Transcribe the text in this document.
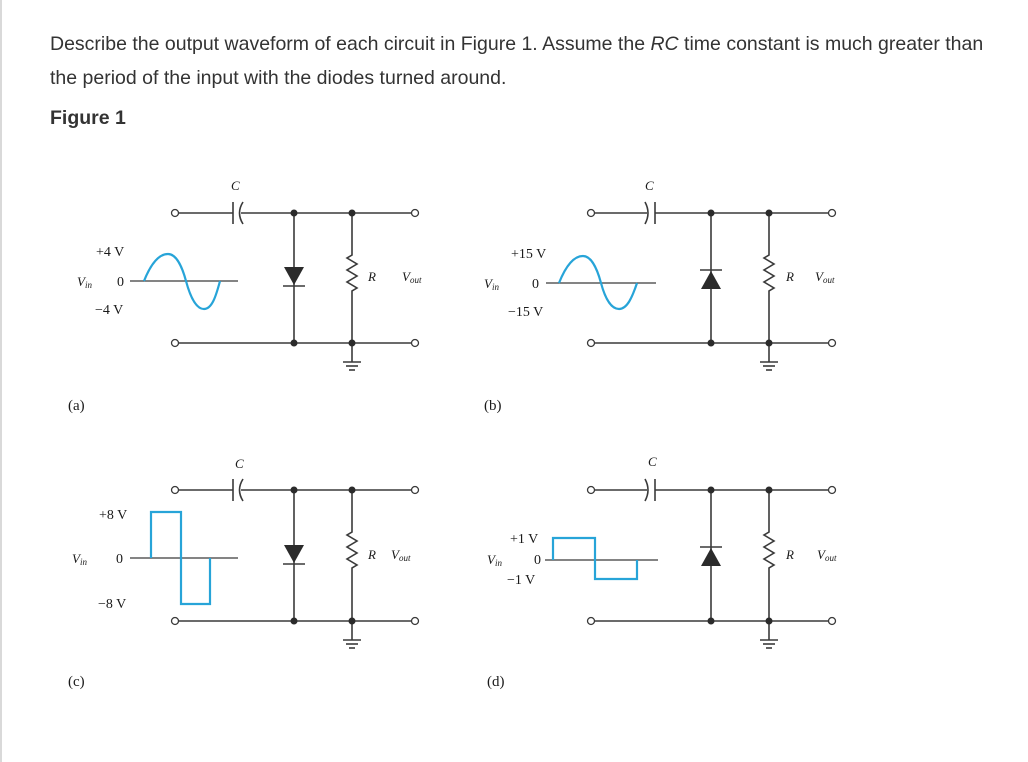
Describe the output waveform of each circuit in Figure 1. Assume the RC time constant is much greater than the period of the input with the diodes turned around.

Figure 1

C
R Vout
+4 V
0
−4 V
Vin
(a)
C
R Vout
+15 V
0
−15 V
Vin
(b)
C
R Vout
+8 V
0
−8 V
Vin
(c)
C
R Vout
+1 V
0
−1 V
Vin
(d)
